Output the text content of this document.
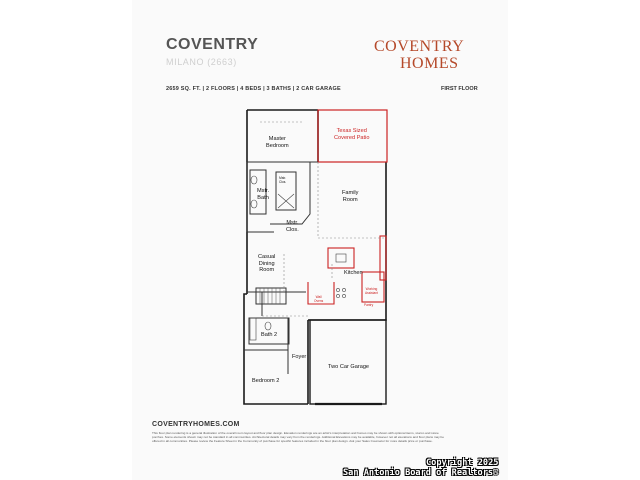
COVENTRY
MILANO (2663)
COVENTRY
HOMES
2659 SQ. FT. | 2 FLOORS | 4 BEDS | 3 BATHS | 2 CAR GARAGE	FIRST FLOOR
Master
Bedroom
Texas Sized
Covered Patio
Mstr.
Clos.
Mstr.
Bath
Family
Room
Mstr.
Clos.
Casual
Dining
Room	Kitchen
Working
Assistant
Pantry
Wall
Ovens
Bath 2
Foyer
Two Car Garage
Bedroom 2
COVENTRYHOMES.COM
This floor plan rendering is a general illustration of the overall room layout and floor plan design. Elevation renderings are an artist's interpretation and homes may be shown with optional items, stucco and stone porches. Some elements shown may not be standard in all communities. Architectural details may vary from the renderings. Additional Elevations may be available, however not all elevations and floor plans may be offered in all communities. Please review the Feature Sheet in the Community of purchase for specific features included in the floor plan design. Ask your Sales Counselor for more details price or purchase.
Copyright 2025
San Antonio Board of Realtors®
